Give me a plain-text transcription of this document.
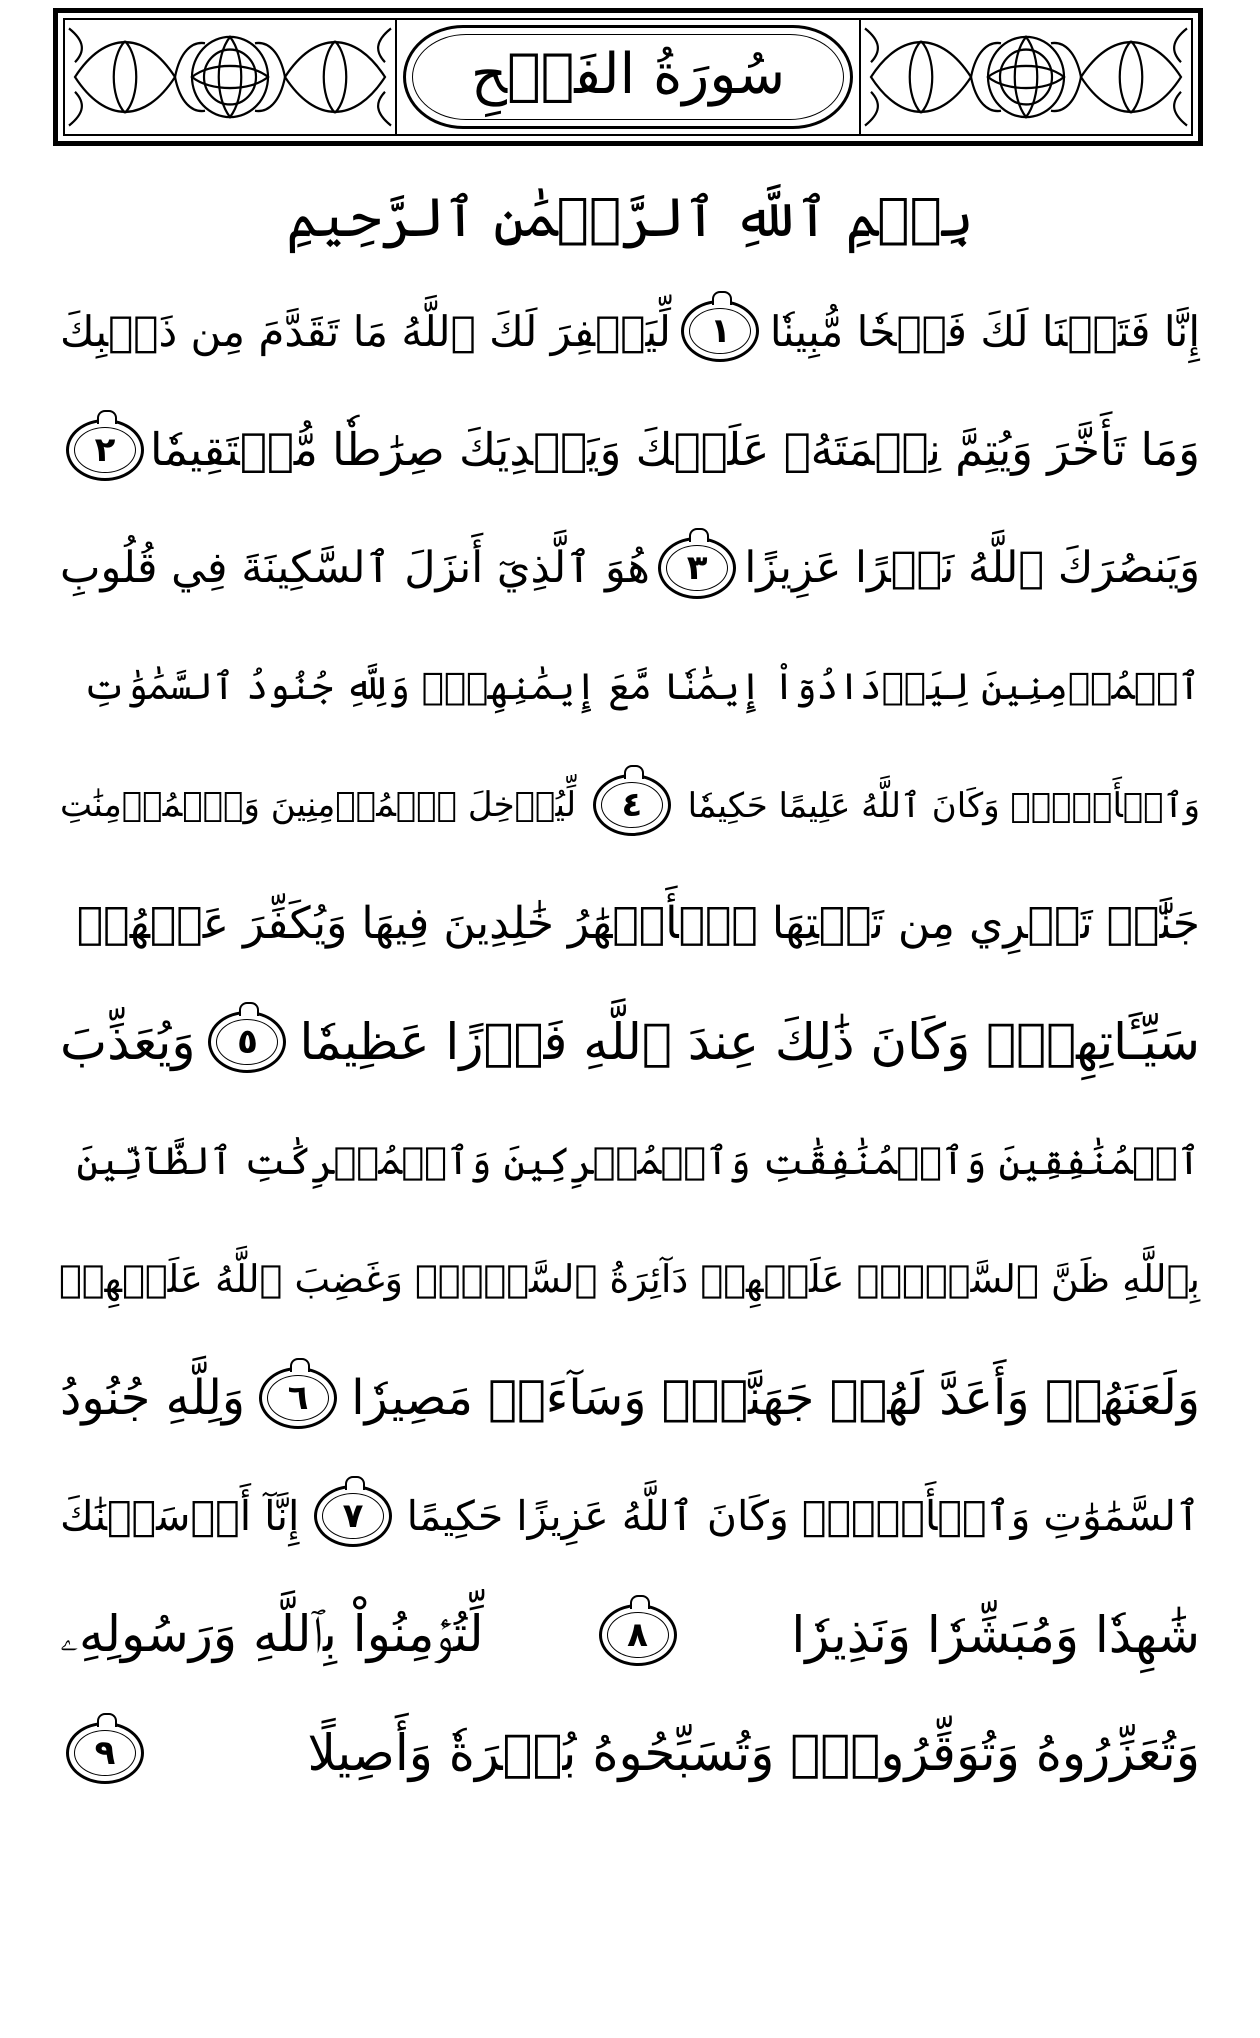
سُورَةُ الفَتۡحِ
بِسۡمِ ٱللَّهِ ٱلرَّحۡمَٰنِ ٱلرَّحِيمِ
إِنَّا فَتَحۡنَا لَكَ فَتۡحٗا مُّبِينٗا
١
لِّيَغۡفِرَ لَكَ ٱللَّهُ مَا تَقَدَّمَ مِن ذَنۢبِكَ
وَمَا تَأَخَّرَ وَيُتِمَّ نِعۡمَتَهُۥ عَلَيۡكَ وَيَهۡدِيَكَ صِرَٰطٗا مُّسۡتَقِيمٗا
٢
وَيَنصُرَكَ ٱللَّهُ نَصۡرًا عَزِيزًا
٣
هُوَ ٱلَّذِيٓ أَنزَلَ ٱلسَّكِينَةَ فِي قُلُوبِ
ٱلۡمُؤۡمِنِينَ لِيَزۡدَادُوٓاْ إِيمَٰنٗا مَّعَ إِيمَٰنِهِمۡۗ وَلِلَّهِ جُنُودُ ٱلسَّمَٰوَٰتِ
وَٱلۡأَرۡضِۚ وَكَانَ ٱللَّهُ عَلِيمًا حَكِيمٗا
٤
لِّيُدۡخِلَ ٱلۡمُؤۡمِنِينَ وَٱلۡمُؤۡمِنَٰتِ
جَنَّٰتٖ تَجۡرِي مِن تَحۡتِهَا ٱلۡأَنۡهَٰرُ خَٰلِدِينَ فِيهَا وَيُكَفِّرَ عَنۡهُمۡ
سَيِّـَٔاتِهِمۡۚ وَكَانَ ذَٰلِكَ عِندَ ٱللَّهِ فَوۡزًا عَظِيمٗا
٥
وَيُعَذِّبَ
ٱلۡمُنَٰفِقِينَ وَٱلۡمُنَٰفِقَٰتِ وَٱلۡمُشۡرِكِينَ وَٱلۡمُشۡرِكَٰتِ ٱلظَّآنِّينَ
بِٱللَّهِ ظَنَّ ٱلسَّوۡءِۚ عَلَيۡهِمۡ دَآئِرَةُ ٱلسَّوۡءِۖ وَغَضِبَ ٱللَّهُ عَلَيۡهِمۡ
وَلَعَنَهُمۡ وَأَعَدَّ لَهُمۡ جَهَنَّمَۖ وَسَآءَتۡ مَصِيرٗا
٦
وَلِلَّهِ جُنُودُ
ٱلسَّمَٰوَٰتِ وَٱلۡأَرۡضِۚ وَكَانَ ٱللَّهُ عَزِيزًا حَكِيمًا
٧
إِنَّآ أَرۡسَلۡنَٰكَ
شَٰهِدٗا وَمُبَشِّرٗا وَنَذِيرٗا
٨
لِّتُؤۡمِنُواْ بِٱللَّهِ وَرَسُولِهِۦ
وَتُعَزِّرُوهُ وَتُوَقِّرُوهُۚ وَتُسَبِّحُوهُ بُكۡرَةٗ وَأَصِيلًا
٩
